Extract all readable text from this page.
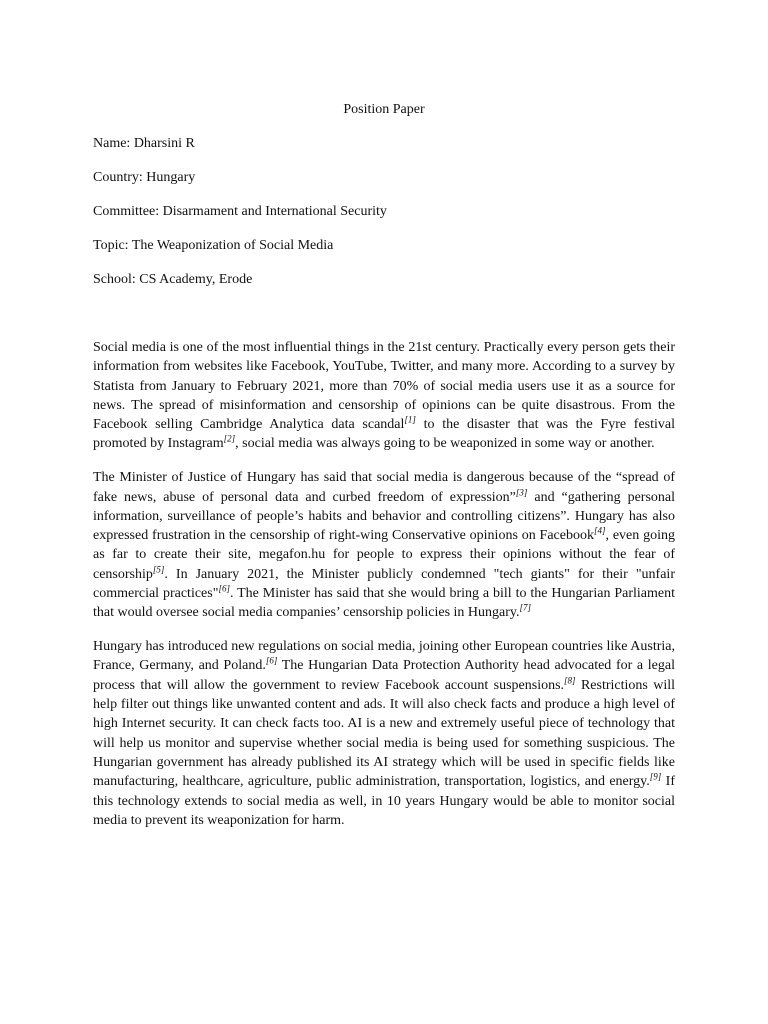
Position Paper
Name: Dharsini R
Country: Hungary
Committee: Disarmament and International Security
Topic: The Weaponization of Social Media
School: CS Academy, Erode

Social media is one of the most influential things in the 21st century. Practically every person gets their information from websites like Facebook, YouTube, Twitter, and many more. According to a survey by Statista from January to February 2021, more than 70% of social media users use it as a source for news. The spread of misinformation and censorship of opinions can be quite disastrous. From the Facebook selling Cambridge Analytica data scandal[1] to the disaster that was the Fyre festival promoted by Instagram[2], social media was always going to be weaponized in some way or another.

The Minister of Justice of Hungary has said that social media is dangerous because of the “spread of fake news, abuse of personal data and curbed freedom of expression”[3] and “gathering personal information, surveillance of people’s habits and behavior and controlling citizens”. Hungary has also expressed frustration in the censorship of right-wing Conservative opinions on Facebook[4], even going as far to create their site, megafon.hu for people to express their opinions without the fear of censorship[5]. In January 2021, the Minister publicly condemned "tech giants" for their "unfair commercial practices"[6]. The Minister has said that she would bring a bill to the Hungarian Parliament that would oversee social media companies’ censorship policies in Hungary.[7]

Hungary has introduced new regulations on social media, joining other European countries like Austria, France, Germany, and Poland.[6] The Hungarian Data Protection Authority head advocated for a legal process that will allow the government to review Facebook account suspensions.[8] Restrictions will help filter out things like unwanted content and ads. It will also check facts and produce a high level of high Internet security. It can check facts too. AI is a new and extremely useful piece of technology that will help us monitor and supervise whether social media is being used for something suspicious. The Hungarian government has already published its AI strategy which will be used in specific fields like manufacturing, healthcare, agriculture, public administration, transportation, logistics, and energy.[9] If this technology extends to social media as well, in 10 years Hungary would be able to monitor social media to prevent its weaponization for harm.
